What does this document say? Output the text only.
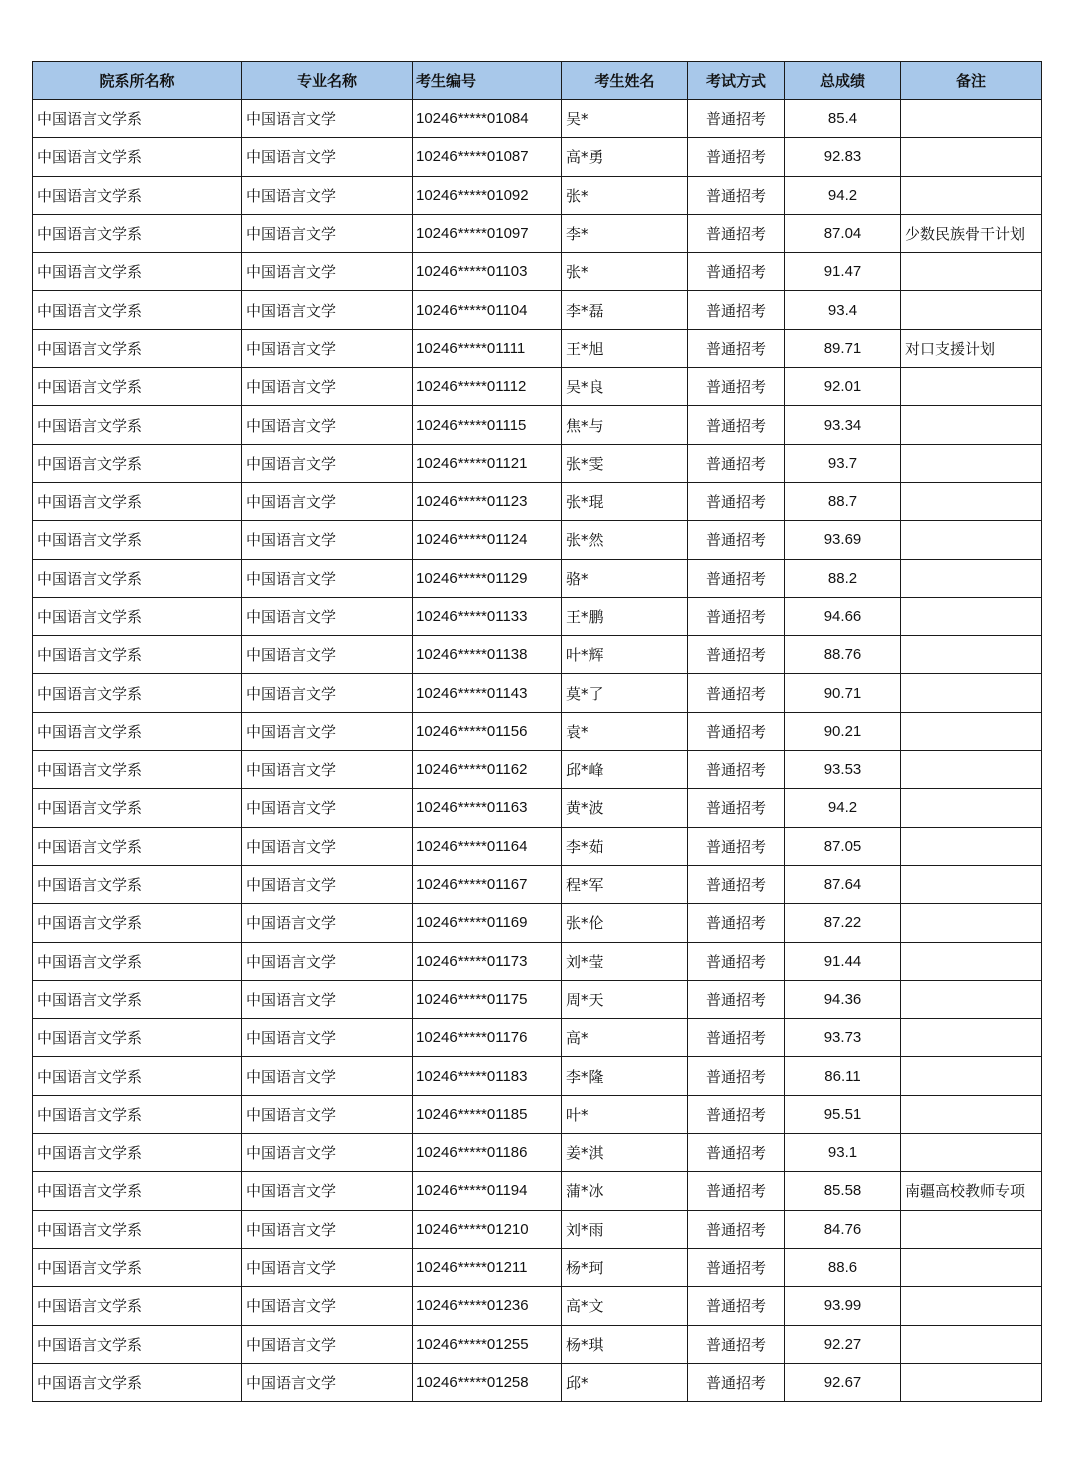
院系所名称	专业名称	考生编号	考生姓名	考试方式	总成绩	备注
中国语言文学系	中国语言文学	10246*****01084	吴*	普通招考	85.4	
中国语言文学系	中国语言文学	10246*****01087	高*勇	普通招考	92.83	
中国语言文学系	中国语言文学	10246*****01092	张*	普通招考	94.2	
中国语言文学系	中国语言文学	10246*****01097	李*	普通招考	87.04	少数民族骨干计划
中国语言文学系	中国语言文学	10246*****01103	张*	普通招考	91.47	
中国语言文学系	中国语言文学	10246*****01104	李*磊	普通招考	93.4	
中国语言文学系	中国语言文学	10246*****01111	王*旭	普通招考	89.71	对口支援计划
中国语言文学系	中国语言文学	10246*****01112	吴*良	普通招考	92.01	
中国语言文学系	中国语言文学	10246*****01115	焦*与	普通招考	93.34	
中国语言文学系	中国语言文学	10246*****01121	张*雯	普通招考	93.7	
中国语言文学系	中国语言文学	10246*****01123	张*琨	普通招考	88.7	
中国语言文学系	中国语言文学	10246*****01124	张*然	普通招考	93.69	
中国语言文学系	中国语言文学	10246*****01129	骆*	普通招考	88.2	
中国语言文学系	中国语言文学	10246*****01133	王*鹏	普通招考	94.66	
中国语言文学系	中国语言文学	10246*****01138	叶*辉	普通招考	88.76	
中国语言文学系	中国语言文学	10246*****01143	莫*了	普通招考	90.71	
中国语言文学系	中国语言文学	10246*****01156	袁*	普通招考	90.21	
中国语言文学系	中国语言文学	10246*****01162	邱*峰	普通招考	93.53	
中国语言文学系	中国语言文学	10246*****01163	黄*波	普通招考	94.2	
中国语言文学系	中国语言文学	10246*****01164	李*茹	普通招考	87.05	
中国语言文学系	中国语言文学	10246*****01167	程*军	普通招考	87.64	
中国语言文学系	中国语言文学	10246*****01169	张*伦	普通招考	87.22	
中国语言文学系	中国语言文学	10246*****01173	刘*莹	普通招考	91.44	
中国语言文学系	中国语言文学	10246*****01175	周*天	普通招考	94.36	
中国语言文学系	中国语言文学	10246*****01176	高*	普通招考	93.73	
中国语言文学系	中国语言文学	10246*****01183	李*隆	普通招考	86.11	
中国语言文学系	中国语言文学	10246*****01185	叶*	普通招考	95.51	
中国语言文学系	中国语言文学	10246*****01186	姜*淇	普通招考	93.1	
中国语言文学系	中国语言文学	10246*****01194	蒲*冰	普通招考	85.58	南疆高校教师专项
中国语言文学系	中国语言文学	10246*****01210	刘*雨	普通招考	84.76	
中国语言文学系	中国语言文学	10246*****01211	杨*珂	普通招考	88.6	
中国语言文学系	中国语言文学	10246*****01236	高*文	普通招考	93.99	
中国语言文学系	中国语言文学	10246*****01255	杨*琪	普通招考	92.27	
中国语言文学系	中国语言文学	10246*****01258	邱*	普通招考	92.67	
